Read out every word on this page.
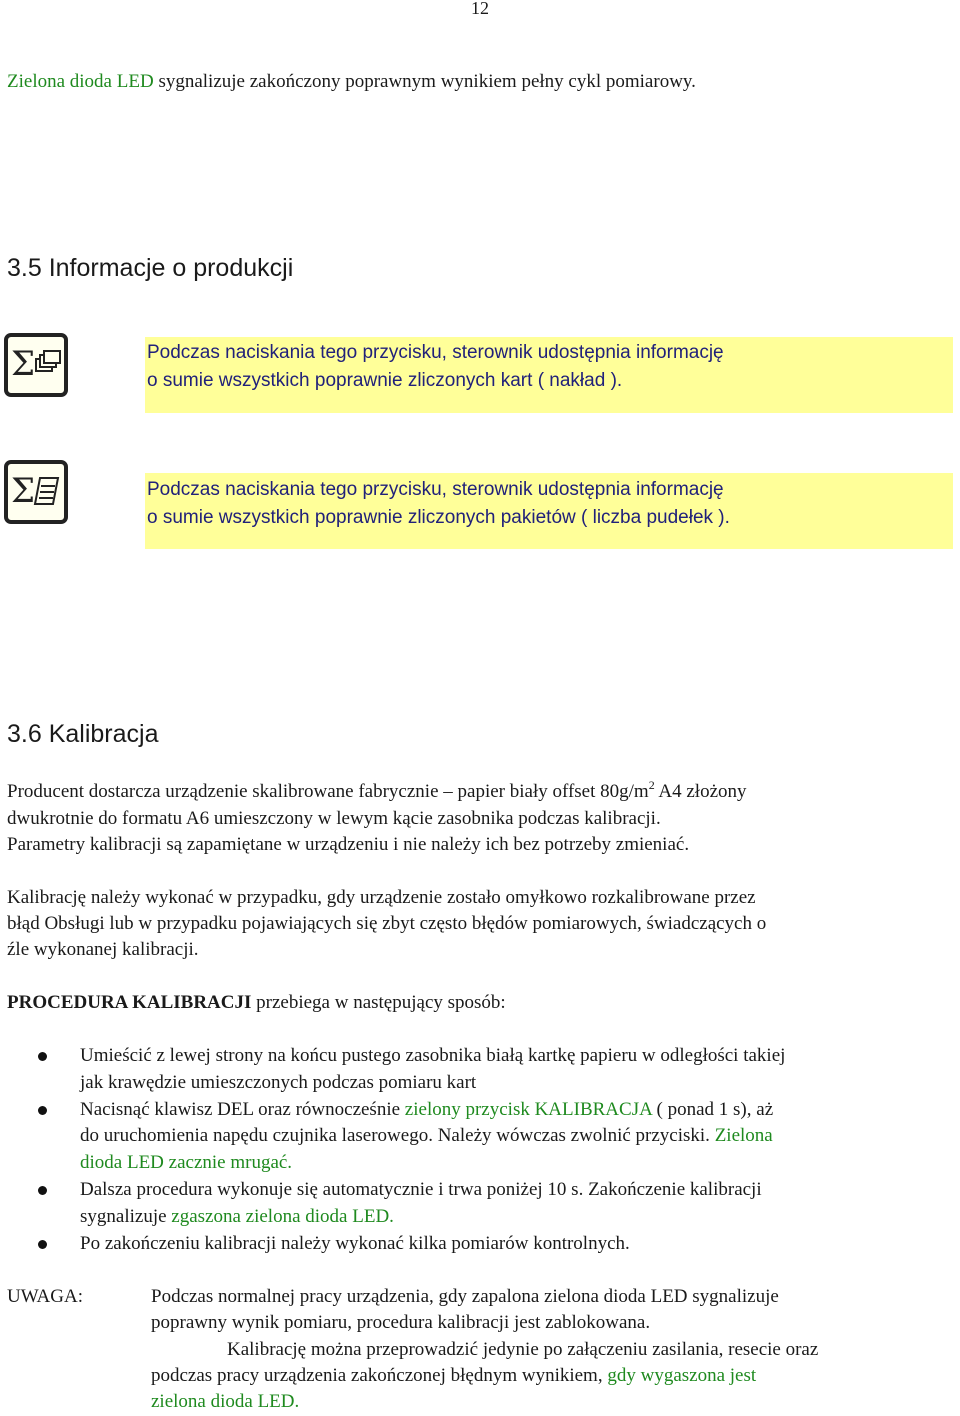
12
Zielona dioda LED sygnalizuje zakończony poprawnym wynikiem pełny cykl pomiarowy.
3.5 Informacje o produkcji
Σ	Podczas naciskania tego przycisku, sterownik udostępnia informację
o sumie wszystkich poprawnie zliczonych kart ( nakład ).
Σ	Podczas naciskania tego przycisku, sterownik udostępnia informację
o sumie wszystkich poprawnie zliczonych pakietów ( liczba pudełek ).
3.6 Kalibracja
Producent dostarcza urządzenie skalibrowane fabrycznie – papier biały offset $80g/m^2$ A4 złożony
dwukrotnie do formatu A6 umieszczony w lewym kącie zasobnika podczas kalibracji.
Parametry kalibracji są zapamiętane w urządzeniu i nie należy ich bez potrzeby zmieniać.
Kalibrację należy wykonać w przypadku, gdy urządzenie zostało omyłkowo rozkalibrowane przez
błąd Obsługi lub w przypadku pojawiających się zbyt często błędów pomiarowych, świadczących o
źle wykonanej kalibracji.
PROCEDURA KALIBRACJI przebiega w następujący sposób:
Umieścić z lewej strony na końcu pustego zasobnika białą kartkę papieru w odległości takiej
jak krawędzie umieszczonych podczas pomiaru kart
Nacisnąć klawisz DEL oraz równocześnie zielony przycisk KALIBRACJA ( ponad 1 s), aż
do uruchomienia napędu czujnika laserowego. Należy wówczas zwolnić przyciski. Zielona
dioda LED zacznie mrugać.
Dalsza procedura wykonuje się automatycznie i trwa poniżej 10 s. Zakończenie kalibracji
sygnalizuje zgaszona zielona dioda LED.
Po zakończeniu kalibracji należy wykonać kilka pomiarów kontrolnych.
UWAGA:	Podczas normalnej pracy urządzenia, gdy zapalona zielona dioda LED sygnalizuje
poprawny wynik pomiaru, procedura kalibracji jest zablokowana.
Kalibrację można przeprowadzić jedynie po załączeniu zasilania, resecie oraz
podczas pracy urządzenia zakończonej błędnym wynikiem, gdy wygaszona jest
zielona dioda LED.
